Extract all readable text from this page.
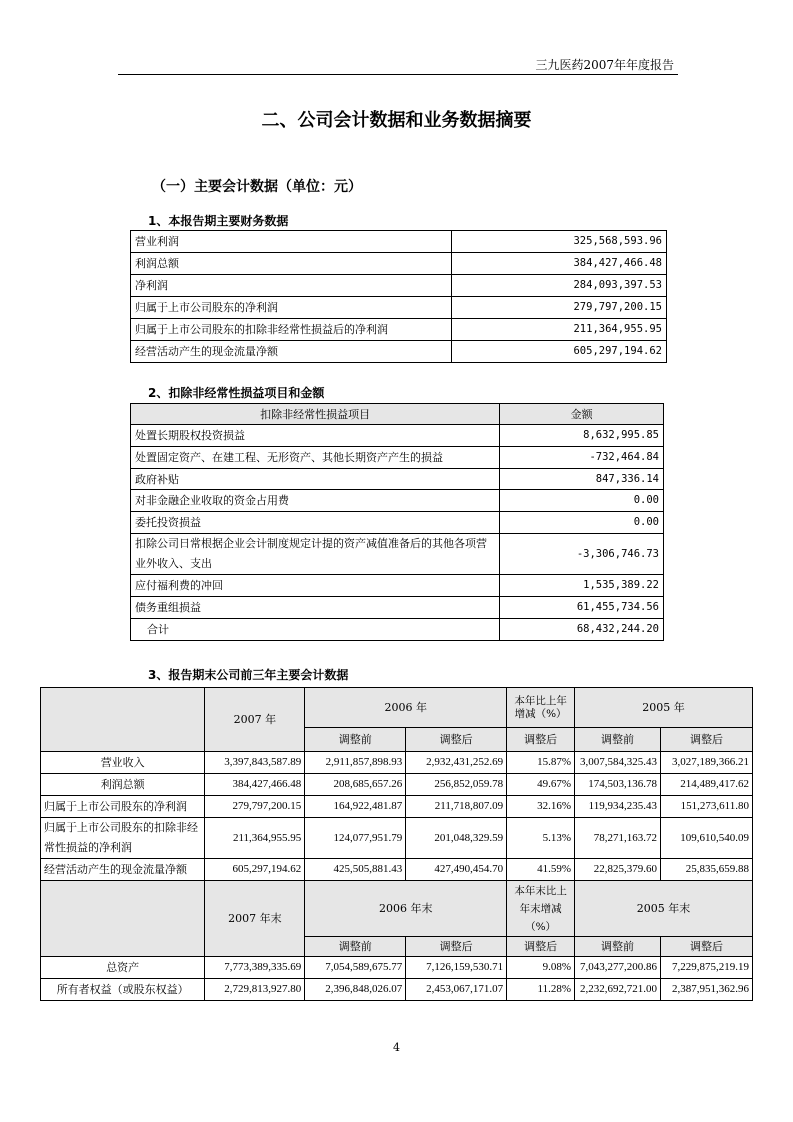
三九医药2007年年度报告
二、公司会计数据和业务数据摘要
（一）主要会计数据（单位：元）
1、本报告期主要财务数据
营业利润	325,568,593.96
利润总额	384,427,466.48
净利润	284,093,397.53
归属于上市公司股东的净利润	279,797,200.15
归属于上市公司股东的扣除非经常性损益后的净利润	211,364,955.95
经营活动产生的现金流量净额	605,297,194.62
2、扣除非经常性损益项目和金额
扣除非经常性损益项目	金额
处置长期股权投资损益	8,632,995.85
处置固定资产、在建工程、无形资产、其他长期资产产生的损益	-732,464.84
政府补贴	847,336.14
对非金融企业收取的资金占用费	0.00
委托投资损益	0.00
扣除公司日常根据企业会计制度规定计提的资产减值准备后的其他各项营业外收入、支出	-3,306,746.73
应付福利费的冲回	1,535,389.22
债务重组损益	61,455,734.56
合计	68,432,244.20
3、报告期末公司前三年主要会计数据
	2007 年	2006 年		本年比上年增减（%）	2005 年	
		调整前	调整后	调整后	调整前	调整后
营业收入	3,397,843,587.89	2,911,857,898.93	2,932,431,252.69	15.87%	3,007,584,325.43	3,027,189,366.21
利润总额	384,427,466.48	208,685,657.26	256,852,059.78	49.67%	174,503,136.78	214,489,417.62
归属于上市公司股东的净利润	279,797,200.15	164,922,481.87	211,718,807.09	32.16%	119,934,235.43	151,273,611.80
归属于上市公司股东的扣除非经常性损益的净利润	211,364,955.95	124,077,951.79	201,048,329.59	5.13%	78,271,163.72	109,610,540.09
经营活动产生的现金流量净额	605,297,194.62	425,505,881.43	427,490,454.70	41.59%	22,825,379.60	25,835,659.88
	2007 年末	2006 年末		本年末比上年末增减（%）	2005 年末	
		调整前	调整后	调整后	调整前	调整后
总资产	7,773,389,335.69	7,054,589,675.77	7,126,159,530.71	9.08%	7,043,277,200.86	7,229,875,219.19
所有者权益（或股东权益）	2,729,813,927.80	2,396,848,026.07	2,453,067,171.07	11.28%	2,232,692,721.00	2,387,951,362.96
4
